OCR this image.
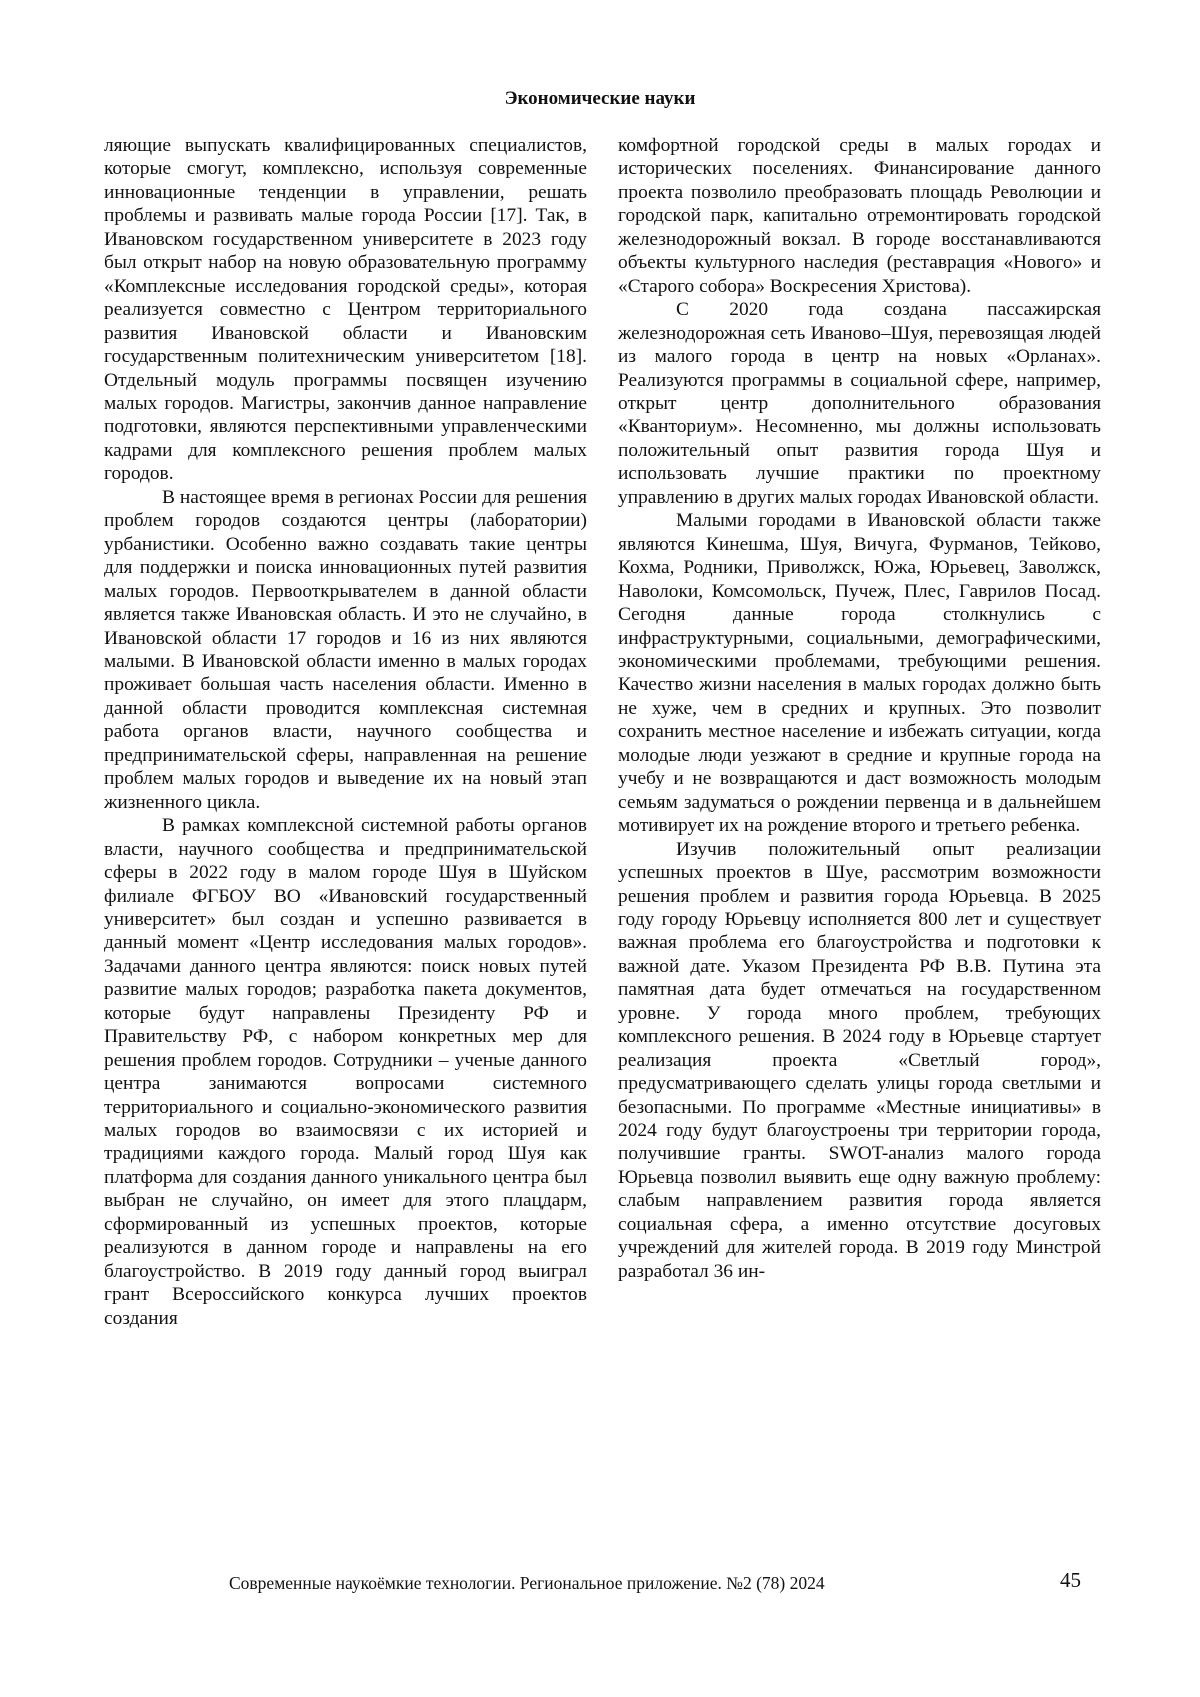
Экономические науки

ляющие выпускать квалифицированных специалистов, которые смогут, комплексно, используя современные инновационные тенденции в управлении, решать проблемы и развивать малые города России [17]. Так, в Ивановском государственном университете в 2023 году был открыт набор на новую образовательную программу «Комплексные исследования городской среды», которая реализуется совместно с Центром территориального развития Ивановской области и Ивановским государственным политехническим университетом [18]. Отдельный модуль программы посвящен изучению малых городов. Магистры, закончив данное направление подготовки, являются перспективными управленческими кадрами для комплексного решения проблем малых городов.

В настоящее время в регионах России для решения проблем городов создаются центры (лаборатории) урбанистики. Особенно важно создавать такие центры для поддержки и поиска инновационных путей развития малых городов. Первооткрывателем в данной области является также Ивановская область. И это не случайно, в Ивановской области 17 городов и 16 из них являются малыми. В Ивановской области именно в малых городах проживает большая часть населения области. Именно в данной области проводится комплексная системная работа органов власти, научного сообщества и предпринимательской сферы, направленная на решение проблем малых городов и выведение их на новый этап жизненного цикла.

В рамках комплексной системной работы органов власти, научного сообщества и предпринимательской сферы в 2022 году в малом городе Шуя в Шуйском филиале ФГБОУ ВО «Ивановский государственный университет» был создан и успешно развивается в данный момент «Центр исследования малых городов». Задачами данного центра являются: поиск новых путей развитие малых городов; разработка пакета документов, которые будут направлены Президенту РФ и Правительству РФ, с набором конкретных мер для решения проблем городов. Сотрудники – ученые данного центра занимаются вопросами системного территориального и социально-экономического развития малых городов во взаимосвязи с их историей и традициями каждого города. Малый город Шуя как платформа для создания данного уникального центра был выбран не случайно, он имеет для этого плацдарм, сформированный из успешных проектов, которые реализуются в данном городе и направлены на его благоустройство. В 2019 году данный город выиграл грант Всероссийского конкурса лучших проектов создания

комфортной городской среды в малых городах и исторических поселениях. Финансирование данного проекта позволило преобразовать площадь Революции и городской парк, капитально отремонтировать городской железнодорожный вокзал. В городе восстанавливаются объекты культурного наследия (реставрация «Нового» и «Старого собора» Воскресения Христова).

С 2020 года создана пассажирская железнодорожная сеть Иваново–Шуя, перевозящая людей из малого города в центр на новых «Орланах». Реализуются программы в социальной сфере, например, открыт центр дополнительного образования «Кванториум». Несомненно, мы должны использовать положительный опыт развития города Шуя и использовать лучшие практики по проектному управлению в других малых городах Ивановской области.

Малыми городами в Ивановской области также являются Кинешма, Шуя, Вичуга, Фурманов, Тейково, Кохма, Родники, Приволжск, Южа, Юрьевец, Заволжск, Наволоки, Комсомольск, Пучеж, Плес, Гаврилов Посад. Сегодня данные города столкнулись с инфраструктурными, социальными, демографическими, экономическими проблемами, требующими решения. Качество жизни населения в малых городах должно быть не хуже, чем в средних и крупных. Это позволит сохранить местное население и избежать ситуации, когда молодые люди уезжают в средние и крупные города на учебу и не возвращаются и даст возможность молодым семьям задуматься о рождении первенца и в дальнейшем мотивирует их на рождение второго и третьего ребенка.

Изучив положительный опыт реализации успешных проектов в Шуе, рассмотрим возможности решения проблем и развития города Юрьевца. В 2025 году городу Юрьевцу исполняется 800 лет и существует важная проблема его благоустройства и подготовки к важной дате. Указом Президента РФ В.В. Путина эта памятная дата будет отмечаться на государственном уровне. У города много проблем, требующих комплексного решения. В 2024 году в Юрьевце стартует реализация проекта «Светлый город», предусматривающего сделать улицы города светлыми и безопасными. По программе «Местные инициативы» в 2024 году будут благоустроены три территории города, получившие гранты. SWOT-анализ малого города Юрьевца позволил выявить еще одну важную проблему: слабым направлением развития города является социальная сфера, а именно отсутствие досуговых учреждений для жителей города. В 2019 году Минстрой разработал 36 ин-

Современные наукоёмкие технологии. Региональное приложение. №2 (78) 2024	45
